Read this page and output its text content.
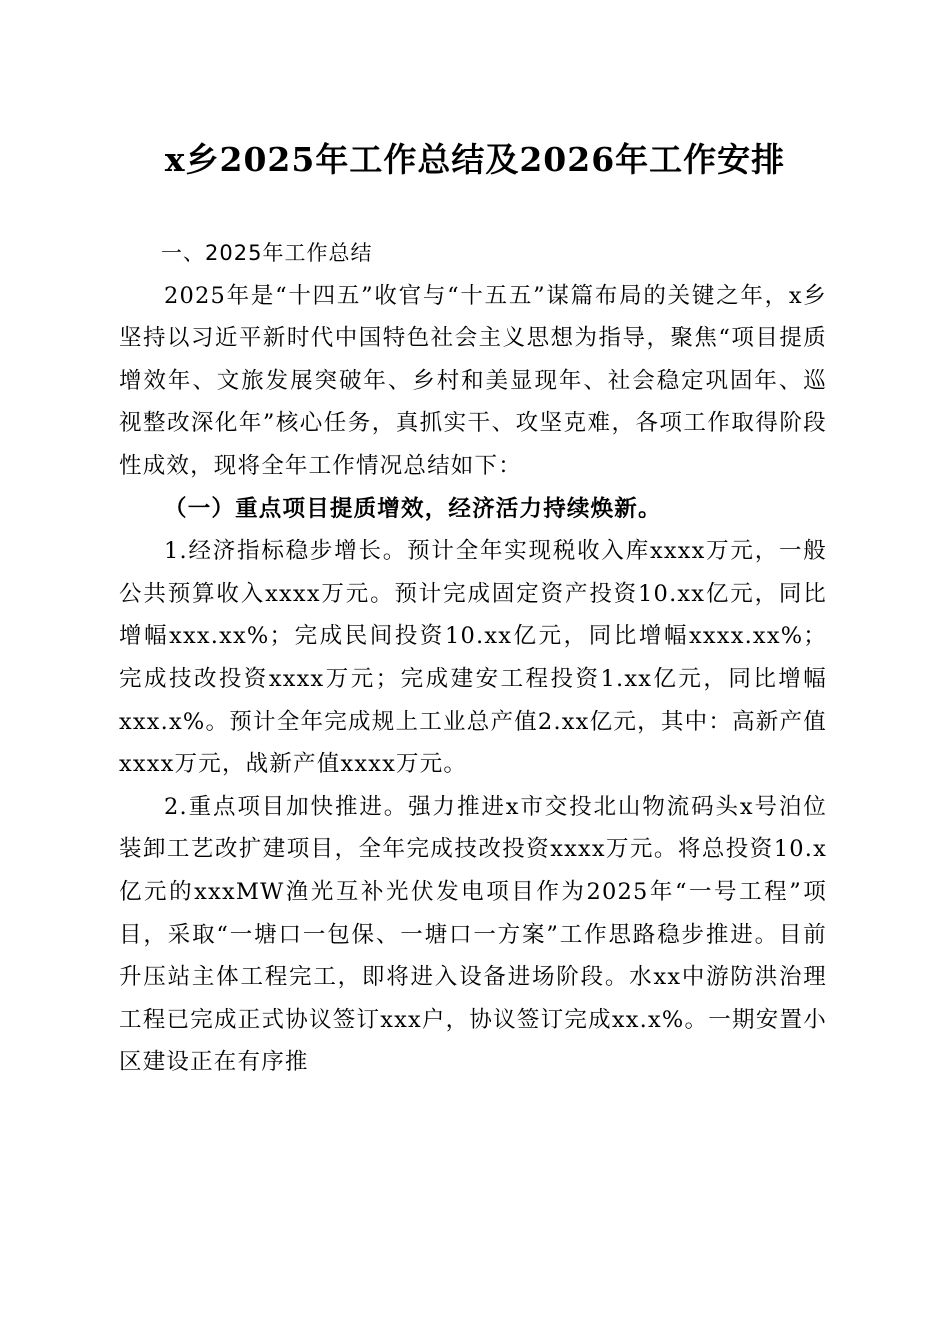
x乡2025年工作总结及2026年工作安排

一、2025年工作总结

2025年是“十四五”收官与“十五五”谋篇布局的关键之年，x乡坚持以习近平新时代中国特色社会主义思想为指导，聚焦“项目提质增效年、文旅发展突破年、乡村和美显现年、社会稳定巩固年、巡视整改深化年”核心任务，真抓实干、攻坚克难，各项工作取得阶段性成效，现将全年工作情况总结如下：

（一）重点项目提质增效，经济活力持续焕新。

1.经济指标稳步增长。预计全年实现税收入库xxxx万元，一般公共预算收入xxxx万元。预计完成固定资产投资10.xx亿元，同比增幅xxx.xx%；完成民间投资10.xx亿元，同比增幅xxxx.xx%；完成技改投资xxxx万元；完成建安工程投资1.xx亿元，同比增幅xxx.x%。预计全年完成规上工业总产值2.xx亿元，其中：高新产值xxxx万元，战新产值xxxx万元。

2.重点项目加快推进。强力推进x市交投北山物流码头x号泊位装卸工艺改扩建项目，全年完成技改投资xxxx万元。将总投资10.x亿元的xxxMW渔光互补光伏发电项目作为2025年“一号工程”项目，采取“一塘口一包保、一塘口一方案”工作思路稳步推进。目前升压站主体工程完工，即将进入设备进场阶段。水xx中游防洪治理工程已完成正式协议签订xxx户，协议签订完成xx.x%。一期安置小区建设正在有序推
